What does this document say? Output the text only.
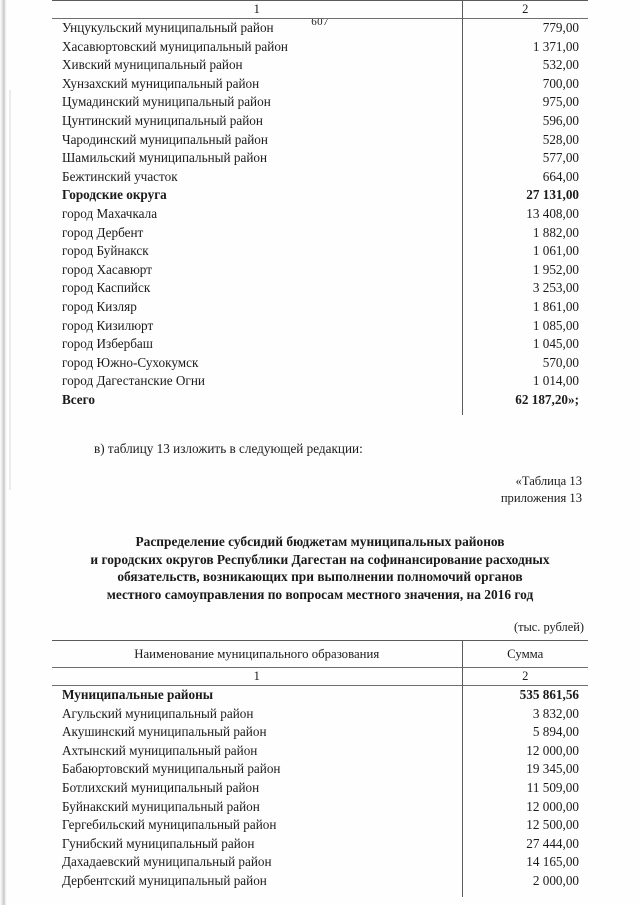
607

1	2

Унцукульский муниципальный район	779,00
Хасавюртовский муниципальный район	1 371,00
Хивский муниципальный район	532,00
Хунзахский муниципальный район	700,00
Цумадинский муниципальный район	975,00
Цунтинский муниципальный район	596,00
Чародинский муниципальный район	528,00
Шамильский муниципальный район	577,00
Бежтинский участок	664,00
Городские округа	27 131,00
город Махачкала	13 408,00
город Дербент	1 882,00
город Буйнакск	1 061,00
город Хасавюрт	1 952,00
город Каспийск	3 253,00
город Кизляр	1 861,00
город Кизилюрт	1 085,00
город Избербаш	1 045,00
город Южно-Сухокумск	570,00
город Дагестанские Огни	1 014,00
Всего	62 187,20»;

в) таблицу 13 изложить в следующей редакции:
«Таблица 13
приложения 13
Распределение субсидий бюджетам муниципальных районов
и городских округов Республики Дагестан на софинансирование расходных
обязательств, возникающих при выполнении полномочий органов
местного самоуправления по вопросам местного значения, на 2016 год
(тыс. рублей)

Наименование муниципального образования	Сумма

1	2

Муниципальные районы	535 861,56
Агульский муниципальный район	3 832,00
Акушинский муниципальный район	5 894,00
Ахтынский муниципальный район	12 000,00
Бабаюртовский муниципальный район	19 345,00
Ботлихский муниципальный район	11 509,00
Буйнакский муниципальный район	12 000,00
Гергебильский муниципальный район	12 500,00
Гунибский муниципальный район	27 444,00
Дахадаевский муниципальный район	14 165,00
Дербентский муниципальный район	2 000,00
